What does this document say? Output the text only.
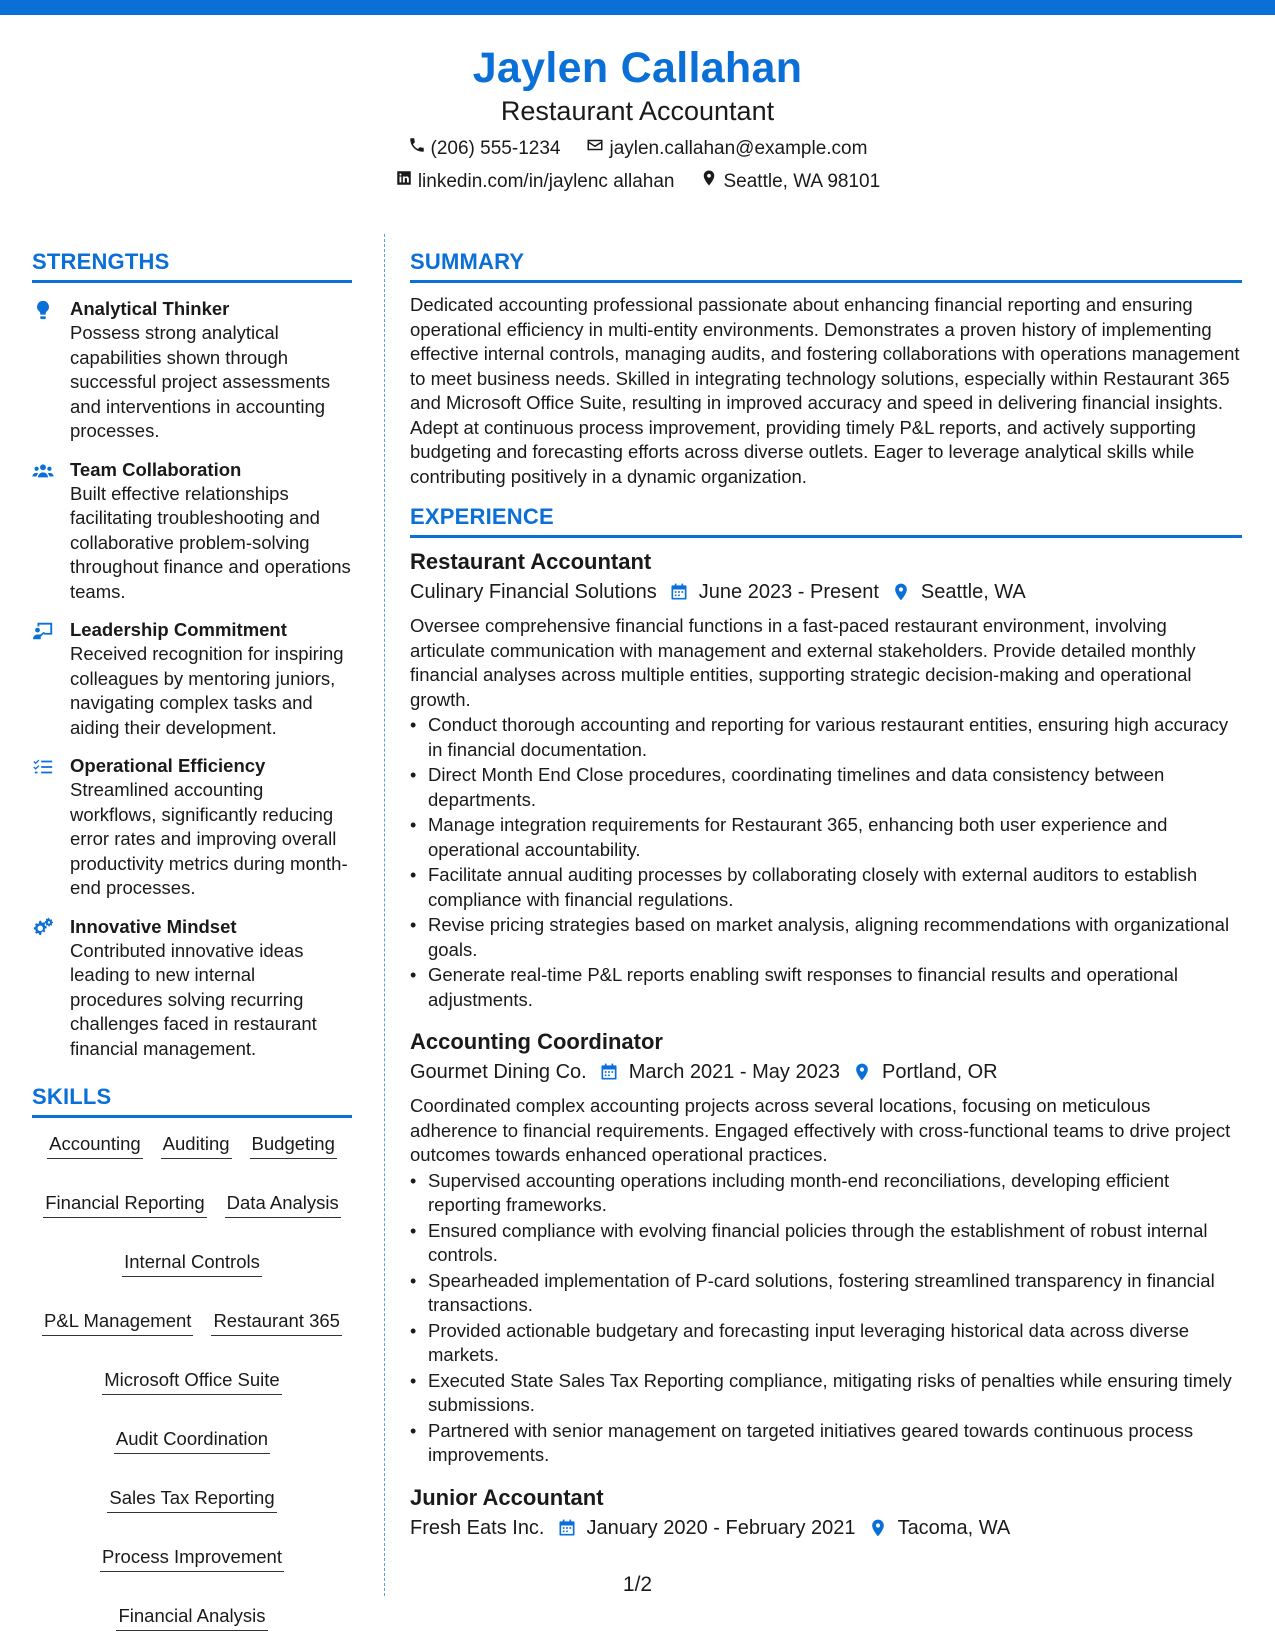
Jaylen Callahan
Restaurant Accountant
(206) 555-1234	jaylen.callahan@example.com
linkedin.com/in/jaylenc allahan	Seattle, WA 98101
STRENGTHS
Analytical Thinker
Possess strong analytical capabilities shown through successful project assessments and interventions in accounting processes.
Team Collaboration
Built effective relationships facilitating troubleshooting and collaborative problem-solving throughout finance and operations teams.
Leadership Commitment
Received recognition for inspiring colleagues by mentoring juniors, navigating complex tasks and aiding their development.
Operational Efficiency
Streamlined accounting workflows, significantly reducing error rates and improving overall productivity metrics during month-end processes.
Innovative Mindset
Contributed innovative ideas leading to new internal procedures solving recurring challenges faced in restaurant financial management.
SKILLS
Accounting Auditing Budgeting
Financial Reporting Data Analysis
Internal Controls
P&L Management Restaurant 365
Microsoft Office Suite
Audit Coordination
Sales Tax Reporting
Process Improvement
Financial Analysis
SUMMARY
Dedicated accounting professional passionate about enhancing financial reporting and ensuring operational efficiency in multi-entity environments. Demonstrates a proven history of implementing effective internal controls, managing audits, and fostering collaborations with operations management to meet business needs. Skilled in integrating technology solutions, especially within Restaurant 365 and Microsoft Office Suite, resulting in improved accuracy and speed in delivering financial insights. Adept at continuous process improvement, providing timely P&L reports, and actively supporting budgeting and forecasting efforts across diverse outlets. Eager to leverage analytical skills while contributing positively in a dynamic organization.
EXPERIENCE
Restaurant Accountant
Culinary Financial Solutions June 2023 - Present Seattle, WA
Oversee comprehensive financial functions in a fast-paced restaurant environment, involving articulate communication with management and external stakeholders. Provide detailed monthly financial analyses across multiple entities, supporting strategic decision-making and operational growth.
• Conduct thorough accounting and reporting for various restaurant entities, ensuring high accuracy in financial documentation.
• Direct Month End Close procedures, coordinating timelines and data consistency between departments.
• Manage integration requirements for Restaurant 365, enhancing both user experience and operational accountability.
• Facilitate annual auditing processes by collaborating closely with external auditors to establish compliance with financial regulations.
• Revise pricing strategies based on market analysis, aligning recommendations with organizational goals.
• Generate real-time P&L reports enabling swift responses to financial results and operational adjustments.
Accounting Coordinator
Gourmet Dining Co. March 2021 - May 2023 Portland, OR
Coordinated complex accounting projects across several locations, focusing on meticulous adherence to financial requirements. Engaged effectively with cross-functional teams to drive project outcomes towards enhanced operational practices.
• Supervised accounting operations including month-end reconciliations, developing efficient reporting frameworks.
• Ensured compliance with evolving financial policies through the establishment of robust internal controls.
• Spearheaded implementation of P-card solutions, fostering streamlined transparency in financial transactions.
• Provided actionable budgetary and forecasting input leveraging historical data across diverse markets.
• Executed State Sales Tax Reporting compliance, mitigating risks of penalties while ensuring timely submissions.
• Partnered with senior management on targeted initiatives geared towards continuous process improvements.
Junior Accountant
Fresh Eats Inc. January 2020 - February 2021 Tacoma, WA
1/2
